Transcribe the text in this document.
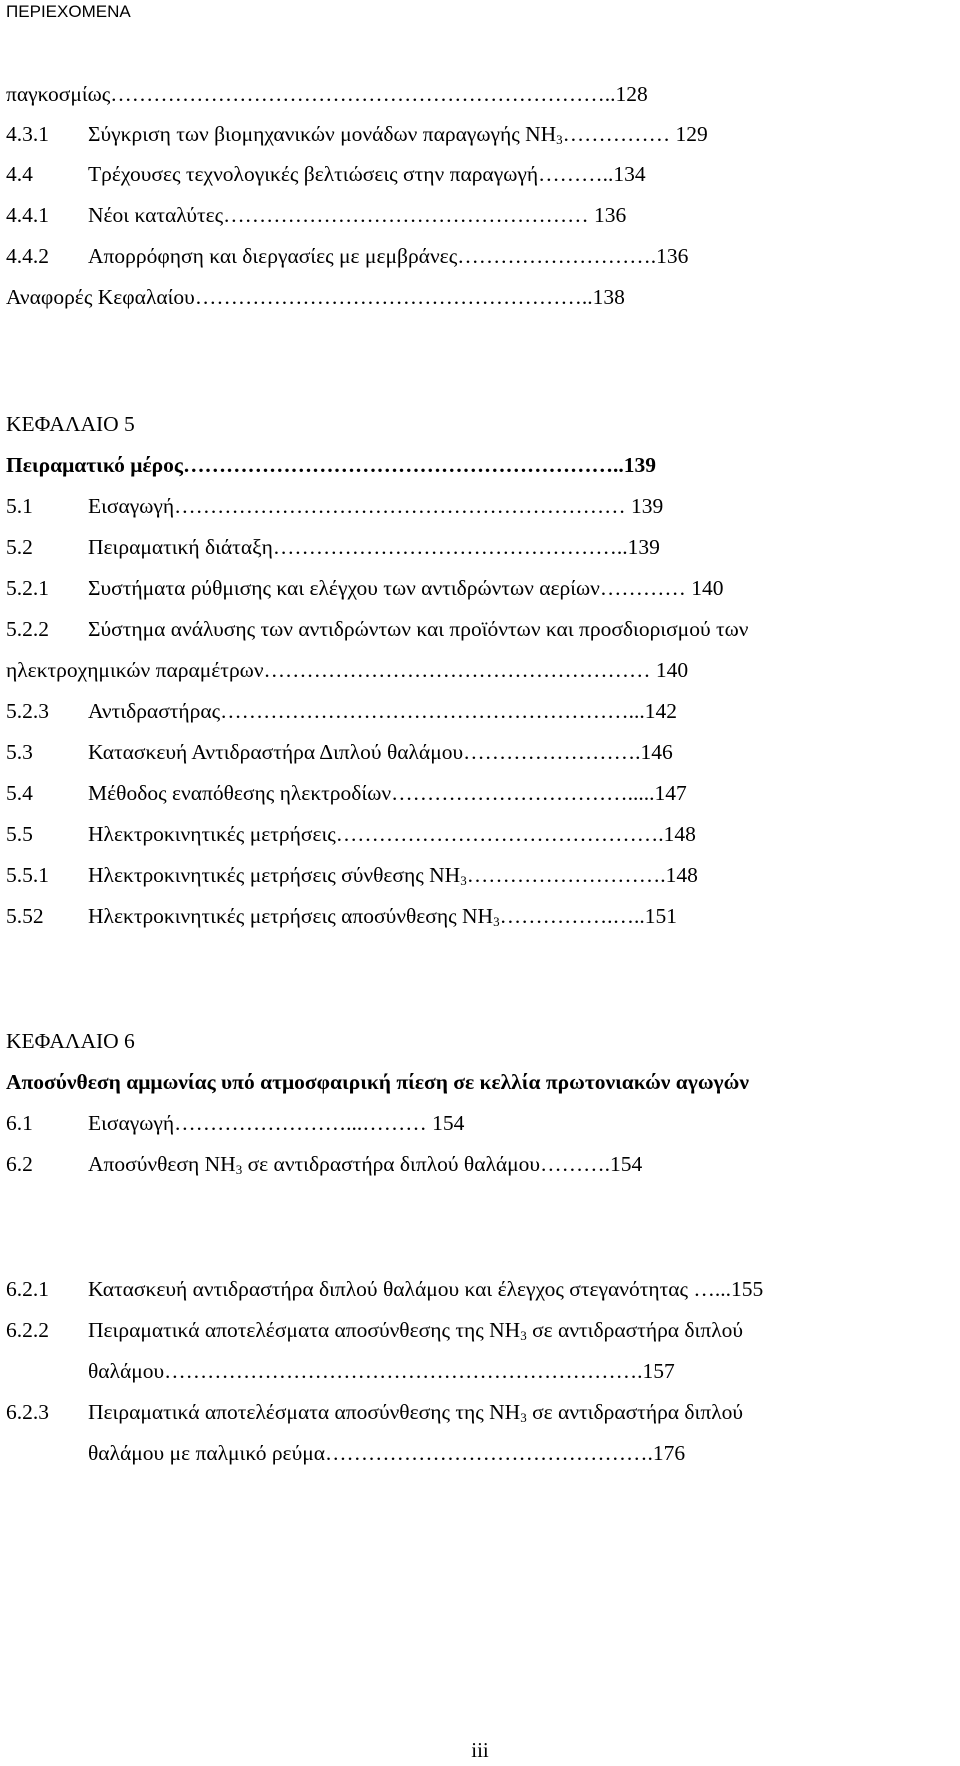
ΠΕΡΙΕΧΟΜΕΝΑ
παγκοσμίως……………………………………………………………..128
4.3.1 Σύγκριση των βιομηχανικών μονάδων παραγωγής $NH_3\dots\dots\dots\dots\dots$ 129
4.4	Τρέχουσες τεχνολογικές βελτιώσεις στην παραγωγή………..134
4.4.1 Νέοι καταλύτες…………………………………………… 136
4.4.2 Απορρόφηση και διεργασίες με μεμβράνες……………………….136
Αναφορές Κεφαλαίου………………………………………………..138
ΚΕΦΑΛΑΙΟ 5
Πειραματικό μέρος……………………………………………………..139
5.1	Εισαγωγή……………………………………………………… 139
5.2	Πειραματική διάταξη…………………………………………..139
5.2.1 Συστήματα ρύθμισης και ελέγχου των αντιδρώντων αερίων………… 140
5.2.2 Σύστημα ανάλυσης των αντιδρώντων και προϊόντων και προσδιορισμού των
ηλεκτροχημικών παραμέτρων……………………………………………… 140
5.2.3 Αντιδραστήρας…………………………………………………...142
5.3	Κατασκευή Αντιδραστήρα Διπλού θαλάμου…………………….146
5.4	Μέθοδος εναπόθεσης ηλεκτροδίων…………………………….....147
5.5	Ηλεκτροκινητικές μετρήσεις……………………………………….148
5.5.1 Ηλεκτροκινητικές μετρήσεις σύνθεσης $NH_3\dots\dots\dots\dots\dots\dots\dots\dots\dots.148$
5.52 Ηλεκτροκινητικές μετρήσεις αποσύνθεσης $NH_3\dots\dots\dots\dots\dots.\dots..151$
ΚΕΦΑΛΑΙΟ 6
Αποσύνθεση αμμωνίας υπό ατμοσφαιρική πίεση σε κελλία πρωτονιακών αγωγών
6.1	Εισαγωγή……………………...……… 154
6.2	Αποσύνθεση $NH_3$ σε αντιδραστήρα διπλού θαλάμου……….154
6.2.1 Κατασκευή αντιδραστήρα διπλού θαλάμου και έλεγχος στεγανότητας …...155
6.2.2 Πειραματικά αποτελέσματα αποσύνθεσης της $NH_3$ σε αντιδραστήρα διπλού
θαλάμου………………………………………………………….157
6.2.3 Πειραματικά αποτελέσματα αποσύνθεσης της $NH_3$ σε αντιδραστήρα διπλού
θαλάμου με παλμικό ρεύμα……………………………………….176
iii
